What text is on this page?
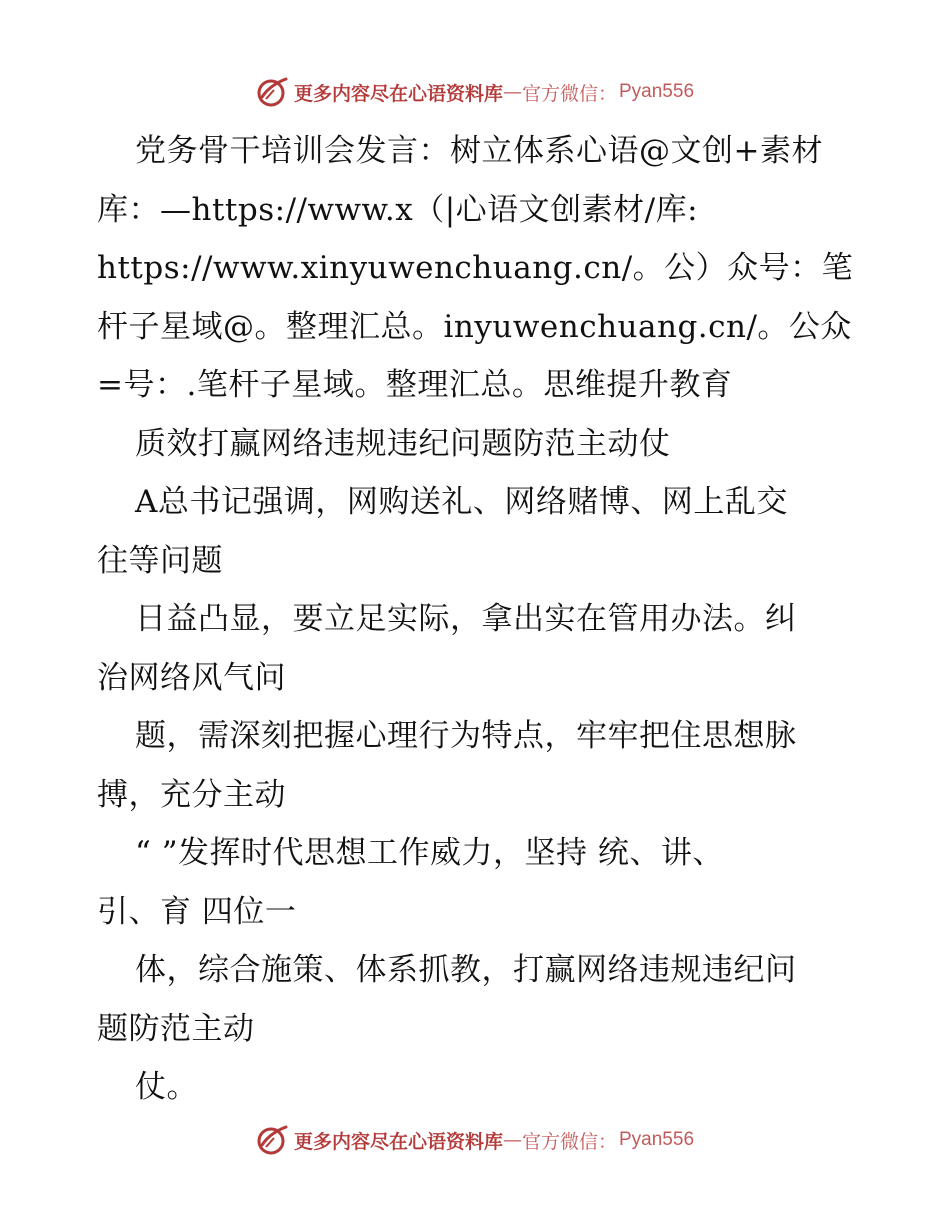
更多内容尽在心语资料库 — 官方微信： Pyan556
党务骨干培训会发言：树立体系心语@文创+素材
库：—https://www.x（|心语文创素材/库:
https://www.xinyuwenchuang.cn/。公）众号：笔
杆子星域@。整理汇总。inyuwenchuang.cn/。公众
=号：.笔杆子星域。整理汇总。思维提升教育
质效打赢网络违规违纪问题防范主动仗
A总书记强调，网购送礼、网络赌博、网上乱交
往等问题
日益凸显，要立足实际，拿出实在管用办法。纠
治网络风气问
题，需深刻把握心理行为特点，牢牢把住思想脉
搏，充分主动
“ ”发挥时代思想工作威力，坚持 统、讲、
引、育 四位一
体，综合施策、体系抓教，打赢网络违规违纪问
题防范主动
仗。
更多内容尽在心语资料库 — 官方微信： Pyan556
